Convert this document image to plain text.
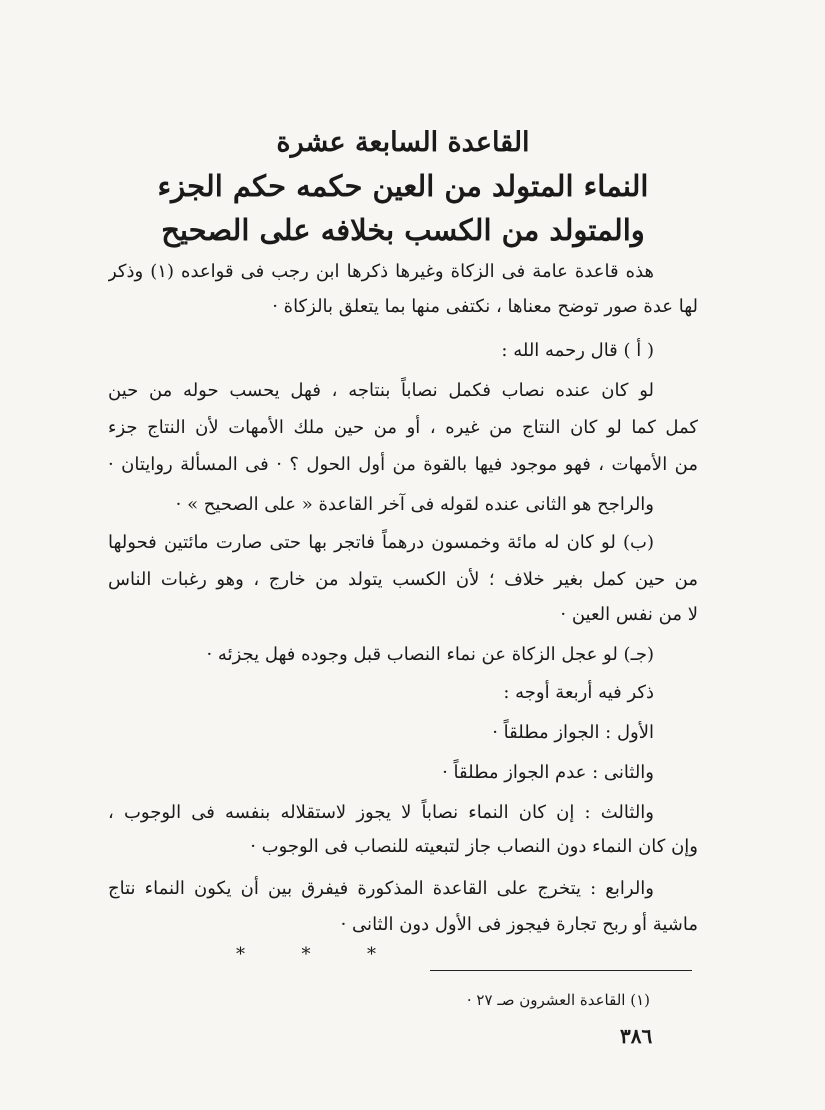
القاعدة السابعة عشرة
النماء المتولد من العين حكمه حكم الجزء
والمتولد من الكسب بخلافه على الصحيح
هذه قاعدة عامة فى الزكاة وغيرها ذكرها ابن رجب فى قواعده (١) وذكر
لها عدة صور توضح معناها ، نكتفى منها بما يتعلق بالزكاة ·
( أ ) قال رحمه الله :
لو كان عنده نصاب فكمل نصاباً بنتاجه ، فهل يحسب حوله من حين
كمل كما لو كان النتاج من غيره ، أو من حين ملك الأمهات لأن النتاج جزء
من الأمهات ، فهو موجود فيها بالقوة من أول الحول ؟ · فى المسألة روايتان ·
والراجح هو الثانى عنده لقوله فى آخر القاعدة « على الصحيح » ·
(ب) لو كان له مائة وخمسون درهماً فاتجر بها حتى صارت مائتين فحولها
من حين كمل بغير خلاف ؛ لأن الكسب يتولد من خارج ، وهو رغبات الناس
لا من نفس العين ·
(جـ) لو عجل الزكاة عن نماء النصاب قبل وجوده فهل يجزئه ·
ذكر فيه أربعة أوجه :
الأول : الجواز مطلقاً ·
والثانى : عدم الجواز مطلقاً ·
والثالث : إن كان النماء نصاباً لا يجوز لاستقلاله بنفسه فى الوجوب ،
وإن كان النماء دون النصاب جاز لتبعيته للنصاب فى الوجوب ·
والرابع : يتخرج على القاعدة المذكورة فيفرق بين أن يكون النماء نتاج
ماشية أو ربح تجارة فيجوز فى الأول دون الثانى ·
*	*	*
(١) القاعدة العشرون صـ ٢٧ ·
٣٨٦
